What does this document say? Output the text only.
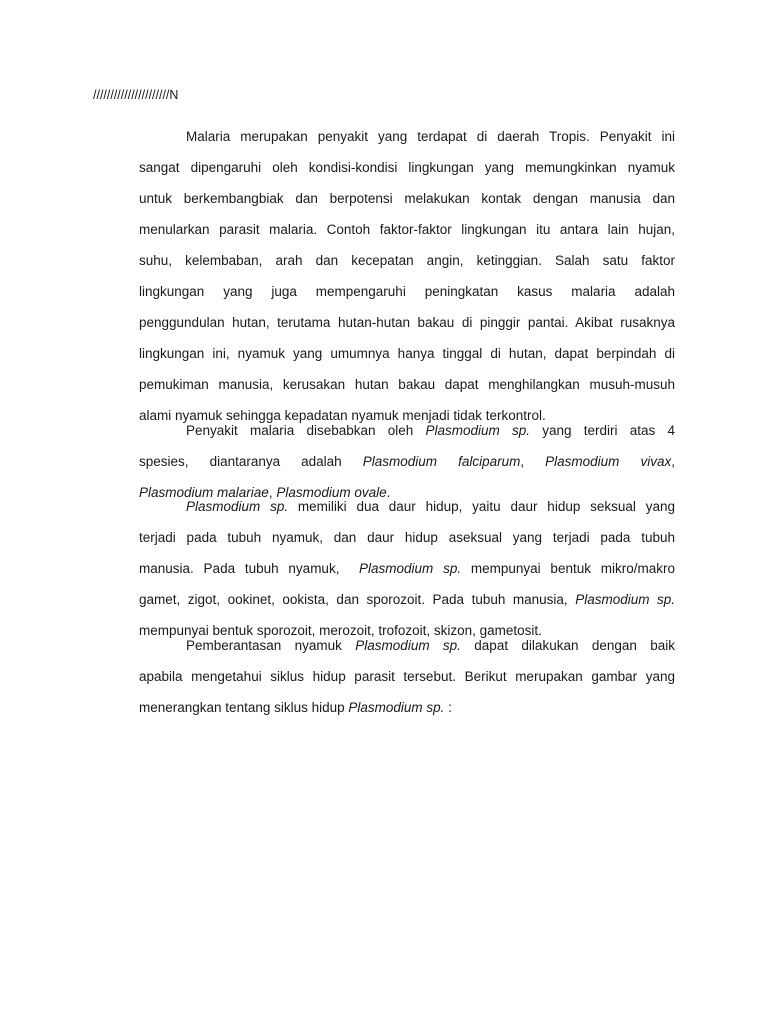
//////////////////////N
Malaria merupakan penyakit yang terdapat di daerah Tropis. Penyakit ini
sangat dipengaruhi oleh kondisi-kondisi lingkungan yang memungkinkan nyamuk
untuk berkembangbiak dan berpotensi melakukan kontak dengan manusia dan
menularkan parasit malaria. Contoh faktor-faktor lingkungan itu antara lain hujan,
suhu, kelembaban, arah dan kecepatan angin, ketinggian. Salah satu faktor
lingkungan yang juga mempengaruhi peningkatan kasus malaria adalah
penggundulan hutan, terutama hutan-hutan bakau di pinggir pantai. Akibat rusaknya
lingkungan ini, nyamuk yang umumnya hanya tinggal di hutan, dapat berpindah di
pemukiman manusia, kerusakan hutan bakau dapat menghilangkan musuh-musuh
alami nyamuk sehingga kepadatan nyamuk menjadi tidak terkontrol.
Penyakit malaria disebabkan oleh Plasmodium sp. yang terdiri atas 4
spesies, diantaranya adalah Plasmodium falciparum, Plasmodium vivax,
Plasmodium malariae, Plasmodium ovale.
Plasmodium sp. memiliki dua daur hidup, yaitu daur hidup seksual yang
terjadi pada tubuh nyamuk, dan daur hidup aseksual yang terjadi pada tubuh
manusia. Pada tubuh nyamuk,  Plasmodium sp. mempunyai bentuk mikro/makro
gamet, zigot, ookinet, ookista, dan sporozoit. Pada tubuh manusia, Plasmodium sp.
mempunyai bentuk sporozoit, merozoit, trofozoit, skizon, gametosit.
Pemberantasan nyamuk Plasmodium sp. dapat dilakukan dengan baik
apabila mengetahui siklus hidup parasit tersebut. Berikut merupakan gambar yang
menerangkan tentang siklus hidup Plasmodium sp. :
